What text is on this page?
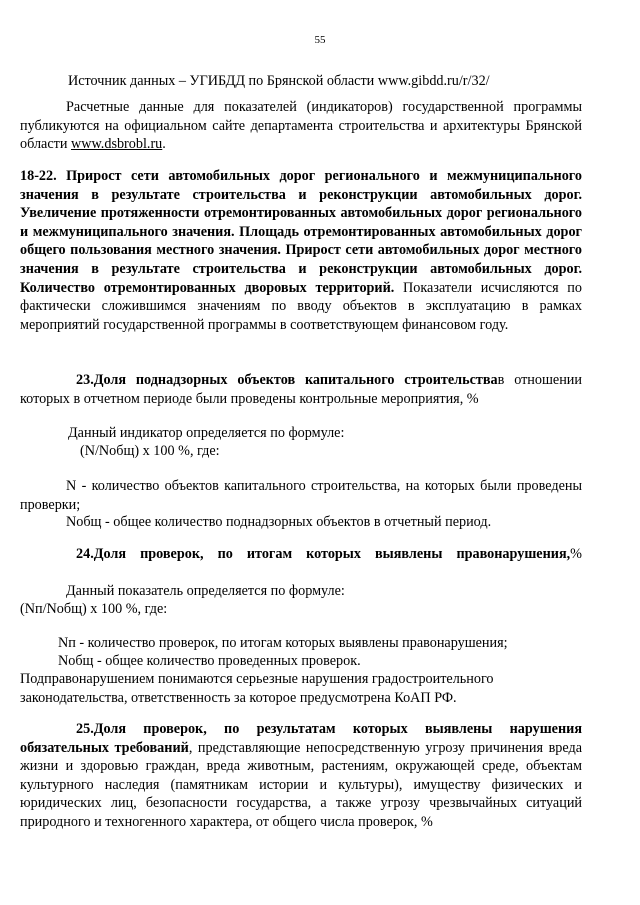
55
Источник данных – УГИБДД по Брянской области www.gibdd.ru/r/32/
Расчетные данные для показателей (индикаторов) государственной программы публикуются на официальном сайте департамента строительства и архитектуры Брянской области www.dsbrobl.ru.
18-22. Прирост сети автомобильных дорог регионального и межмуниципального значения в результате строительства и реконструкции автомобильных дорог. Увеличение протяженности отремонтированных автомобильных дорог регионального и межмуниципального значения. Площадь отремонтированных автомобильных дорог общего пользования местного значения. Прирост сети автомобильных дорог местного значения в результате строительства и реконструкции автомобильных дорог. Количество отремонтированных дворовых территорий. Показатели исчисляются по фактически сложившимся значениям по вводу объектов в эксплуатацию в рамках мероприятий государственной программы в соответствующем финансовом году.
23.Доля поднадзорных объектов капитального строительствав отношении которых в отчетном периоде были проведены контрольные мероприятия, %
Данный индикатор определяется по формуле:
(N/Nобщ) x 100 %, где:
N - количество объектов капитального строительства, на которых были проведены проверки;
Nобщ - общее количество поднадзорных объектов в отчетный период.
24.Доля проверок, по итогам которых выявлены правонарушения,%
Данный показатель определяется по формуле:
(Nп/Nобщ) x 100 %, где:
Nп - количество проверок, по итогам которых выявлены правонарушения;
Nобщ - общее количество проведенных проверок.
Подправонарушением понимаются серьезные нарушения градостроительного законодательства, ответственность за которое предусмотрена КоАП РФ.
25.Доля проверок, по результатам которых выявлены нарушения обязательных требований, представляющие непосредственную угрозу причинения вреда жизни и здоровью граждан, вреда животным, растениям, окружающей среде, объектам культурного наследия (памятникам истории и культуры), имуществу физических и юридических лиц, безопасности государства, а также угрозу чрезвычайных ситуаций природного и техногенного характера, от общего числа проверок, %
